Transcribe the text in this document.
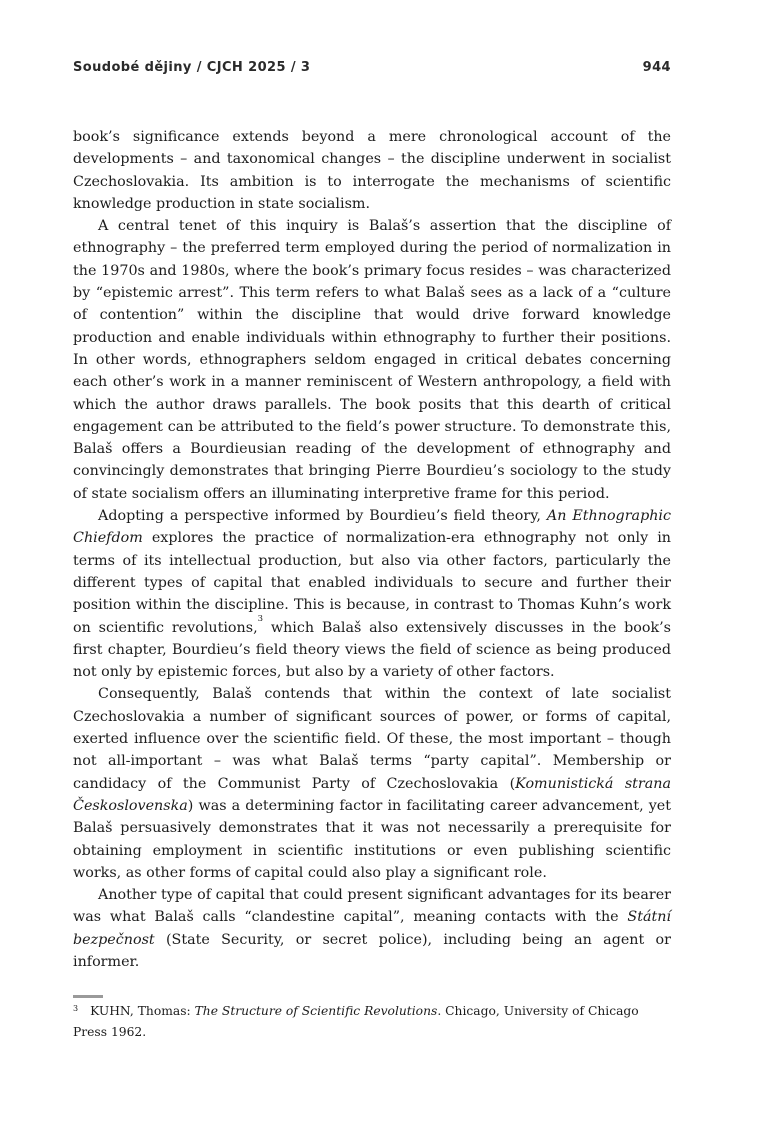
Soudobé dějiny / CJCH 2025 / 3	944

book’s significance extends beyond a mere chronological account of the developments – and taxonomical changes – the discipline underwent in socialist Czechoslovakia. Its ambition is to interrogate the mechanisms of scientific knowledge production in state socialism.

A central tenet of this inquiry is Balaš’s assertion that the discipline of ethnography – the preferred term employed during the period of normalization in the 1970s and 1980s, where the book’s primary focus resides – was characterized by “epistemic arrest”. This term refers to what Balaš sees as a lack of a “culture of contention” within the discipline that would drive forward knowledge production and enable individuals within ethnography to further their positions. In other words, ethnographers seldom engaged in critical debates concerning each other’s work in a manner reminiscent of Western anthropology, a field with which the author draws parallels. The book posits that this dearth of critical engagement can be attributed to the field’s power structure. To demonstrate this, Balaš offers a Bourdieusian reading of the development of ethnography and convincingly demonstrates that bringing Pierre Bourdieu’s sociology to the study of state socialism offers an illuminating interpretive frame for this period.

Adopting a perspective informed by Bourdieu’s field theory, An Ethnographic Chiefdom explores the practice of normalization-era ethnography not only in terms of its intellectual production, but also via other factors, particularly the different types of capital that enabled individuals to secure and further their position within the discipline. This is because, in contrast to Thomas Kuhn’s work on scientific revolutions,$^3$ which Balaš also extensively discusses in the book’s first chapter, Bourdieu’s field theory views the field of science as being produced not only by epistemic forces, but also by a variety of other factors.

Consequently, Balaš contends that within the context of late socialist Czechoslovakia a number of significant sources of power, or forms of capital, exerted influence over the scientific field. Of these, the most important – though not all-important – was what Balaš terms “party capital”. Membership or candidacy of the Communist Party of Czechoslovakia (Komunistická strana Československa) was a determining factor in facilitating career advancement, yet Balaš persuasively demonstrates that it was not necessarily a prerequisite for obtaining employment in scientific institutions or even publishing scientific works, as other forms of capital could also play a significant role.

Another type of capital that could present significant advantages for its bearer was what Balaš calls “clandestine capital”, meaning contacts with the Státní bezpečnost (State Security, or secret police), including being an agent or informer.

$^3$ KUHN, Thomas: The Structure of Scientific Revolutions. Chicago, University of Chicago Press 1962.
